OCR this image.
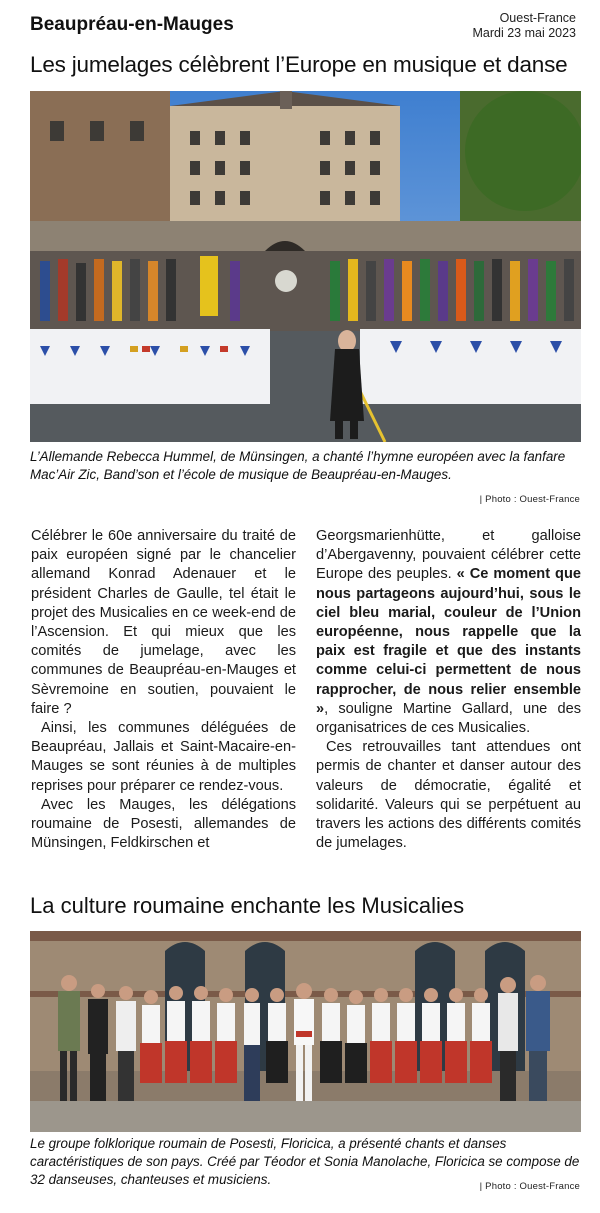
Beaupréau-en-Mauges	Ouest-France
Mardi 23 mai 2023
Les jumelages célèbrent l’Europe en musique et danse
L’Allemande Rebecca Hummel, de Münsingen, a chanté l’hymne européen avec la fanfare Mac’Air Zic, Band’son et l’école de musique de Beaupréau-en-Mauges.
| Photo : Ouest-France

Célébrer le 60e anniversaire du traité de paix européen signé par le chancelier allemand Konrad Adenauer et le président Charles de Gaulle, tel était le projet des Musicalies en ce week-end de l’Ascension. Et qui mieux que les comités de jumelage, avec les communes de Beaupréau-en-Mauges et Sèvremoine en soutien, pouvaient le faire ?

Ainsi, les communes déléguées de Beaupréau, Jallais et Saint-Macaire-en-Mauges se sont réunies à de multiples reprises pour préparer ce rendez-vous.

Avec les Mauges, les délégations roumaine de Posesti, allemandes de Münsingen, Feldkirschen et

Georgsmarienhütte, et galloise d’Abergavenny, pouvaient célébrer cette Europe des peuples. « Ce moment que nous partageons aujourd’hui, sous le ciel bleu marial, couleur de l’Union européenne, nous rappelle que la paix est fragile et que des instants comme celui-ci permettent de nous rapprocher, de nous relier ensemble », souligne Martine Gallard, une des organisatrices de ces Musicalies.

Ces retrouvailles tant attendues ont permis de chanter et danser autour des valeurs de démocratie, égalité et solidarité. Valeurs qui se perpétuent au travers les actions des différents comités de jumelages.

La culture roumaine enchante les Musicalies
Le groupe folklorique roumain de Posesti, Floricica, a présenté chants et danses caractéristiques de son pays. Créé par Téodor et Sonia Manolache, Floricica se compose de 32 danseuses, chanteuses et musiciens.	| Photo : Ouest-France
